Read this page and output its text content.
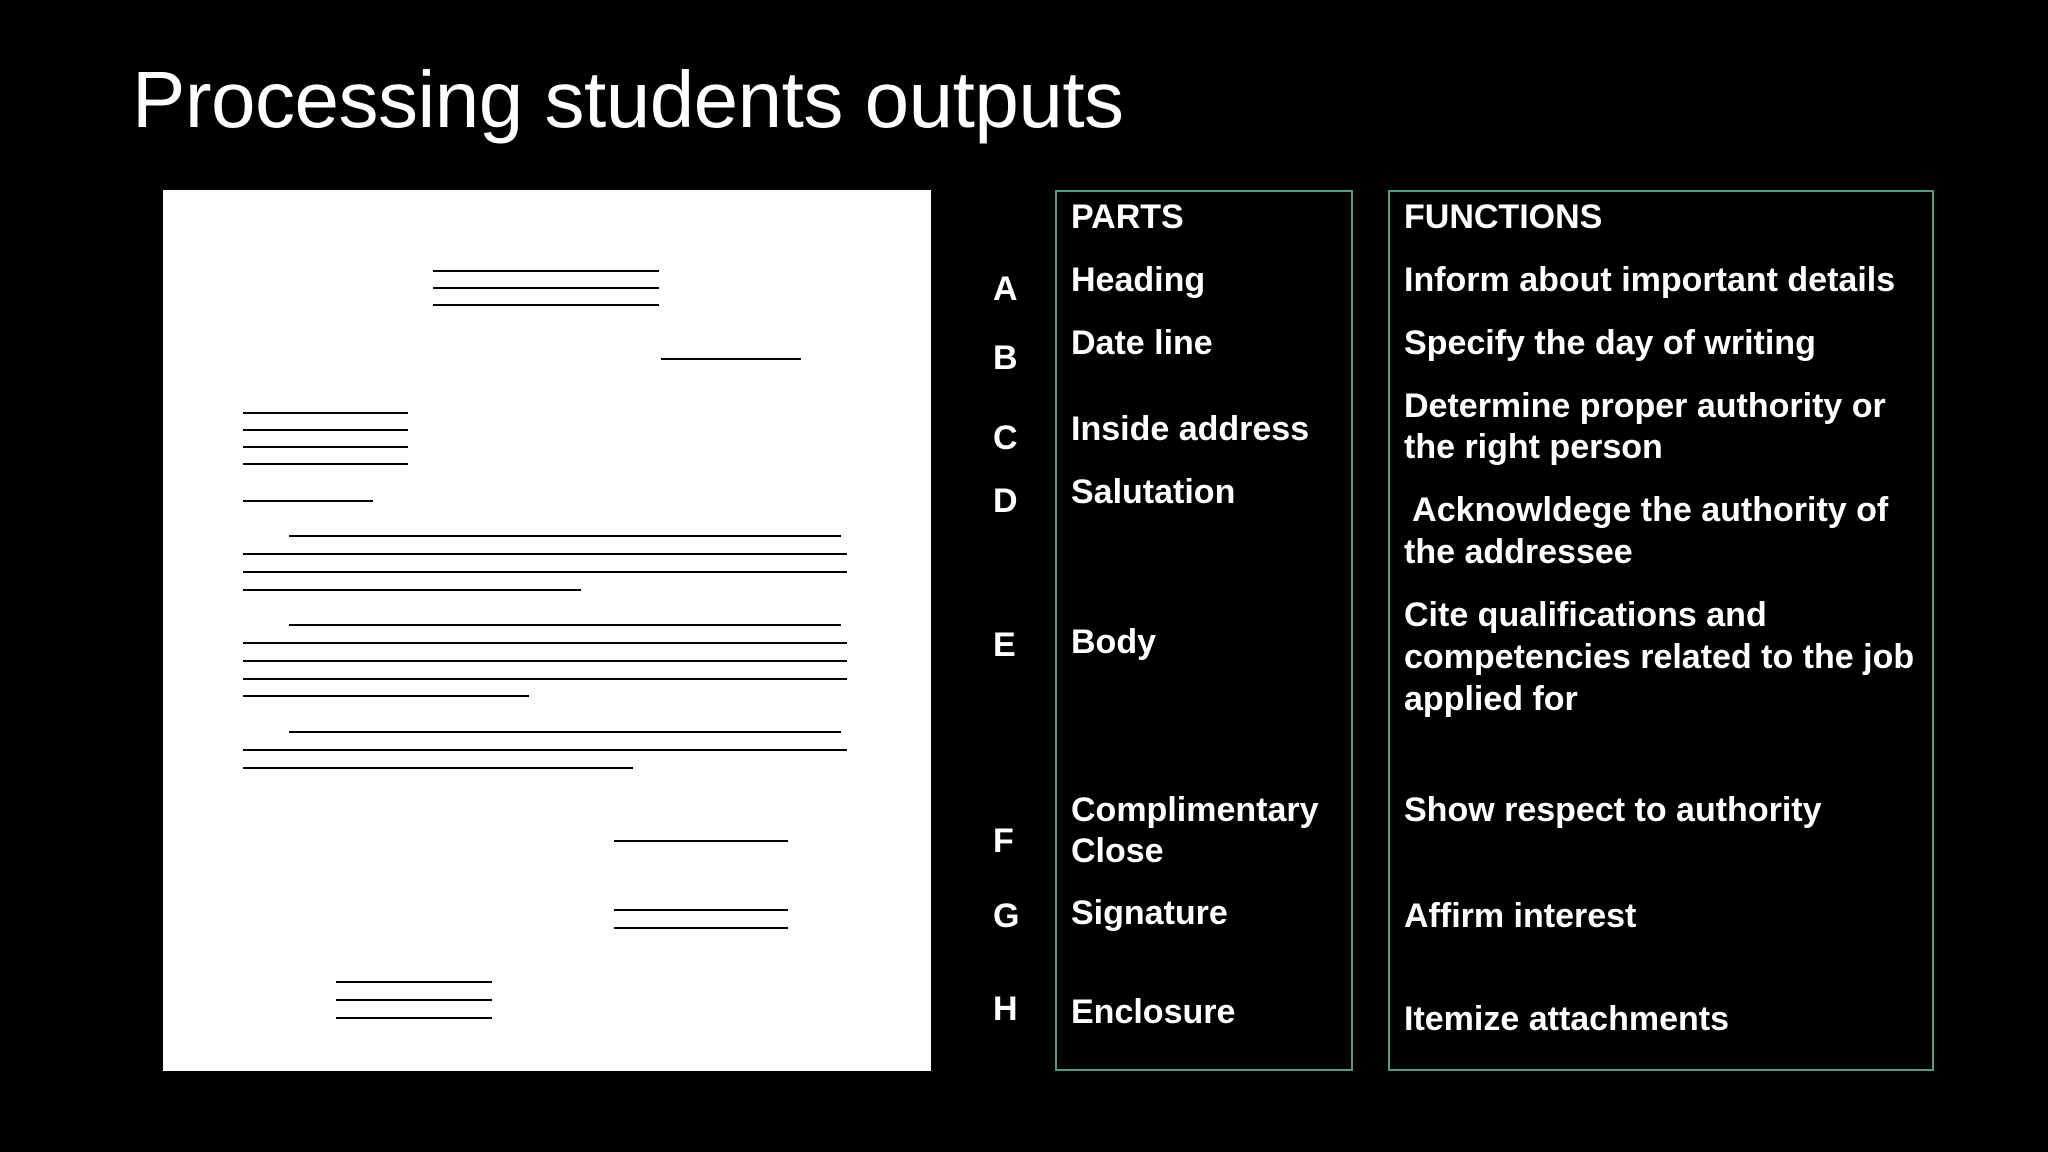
Processing students outputs
PARTS	FUNCTIONS
A
B
C
D
E
F
G
H
Heading
Date line
Inside address
Salutation
Body
Complimentary
Close
Signature
Enclosure
Inform about important details
Specify the day of writing
Determine proper authority or
the right person
Acknowldege the authority of
the addressee
Cite qualifications and
competencies related to the job
applied for
Show respect to authority
Affirm interest
Itemize attachments
